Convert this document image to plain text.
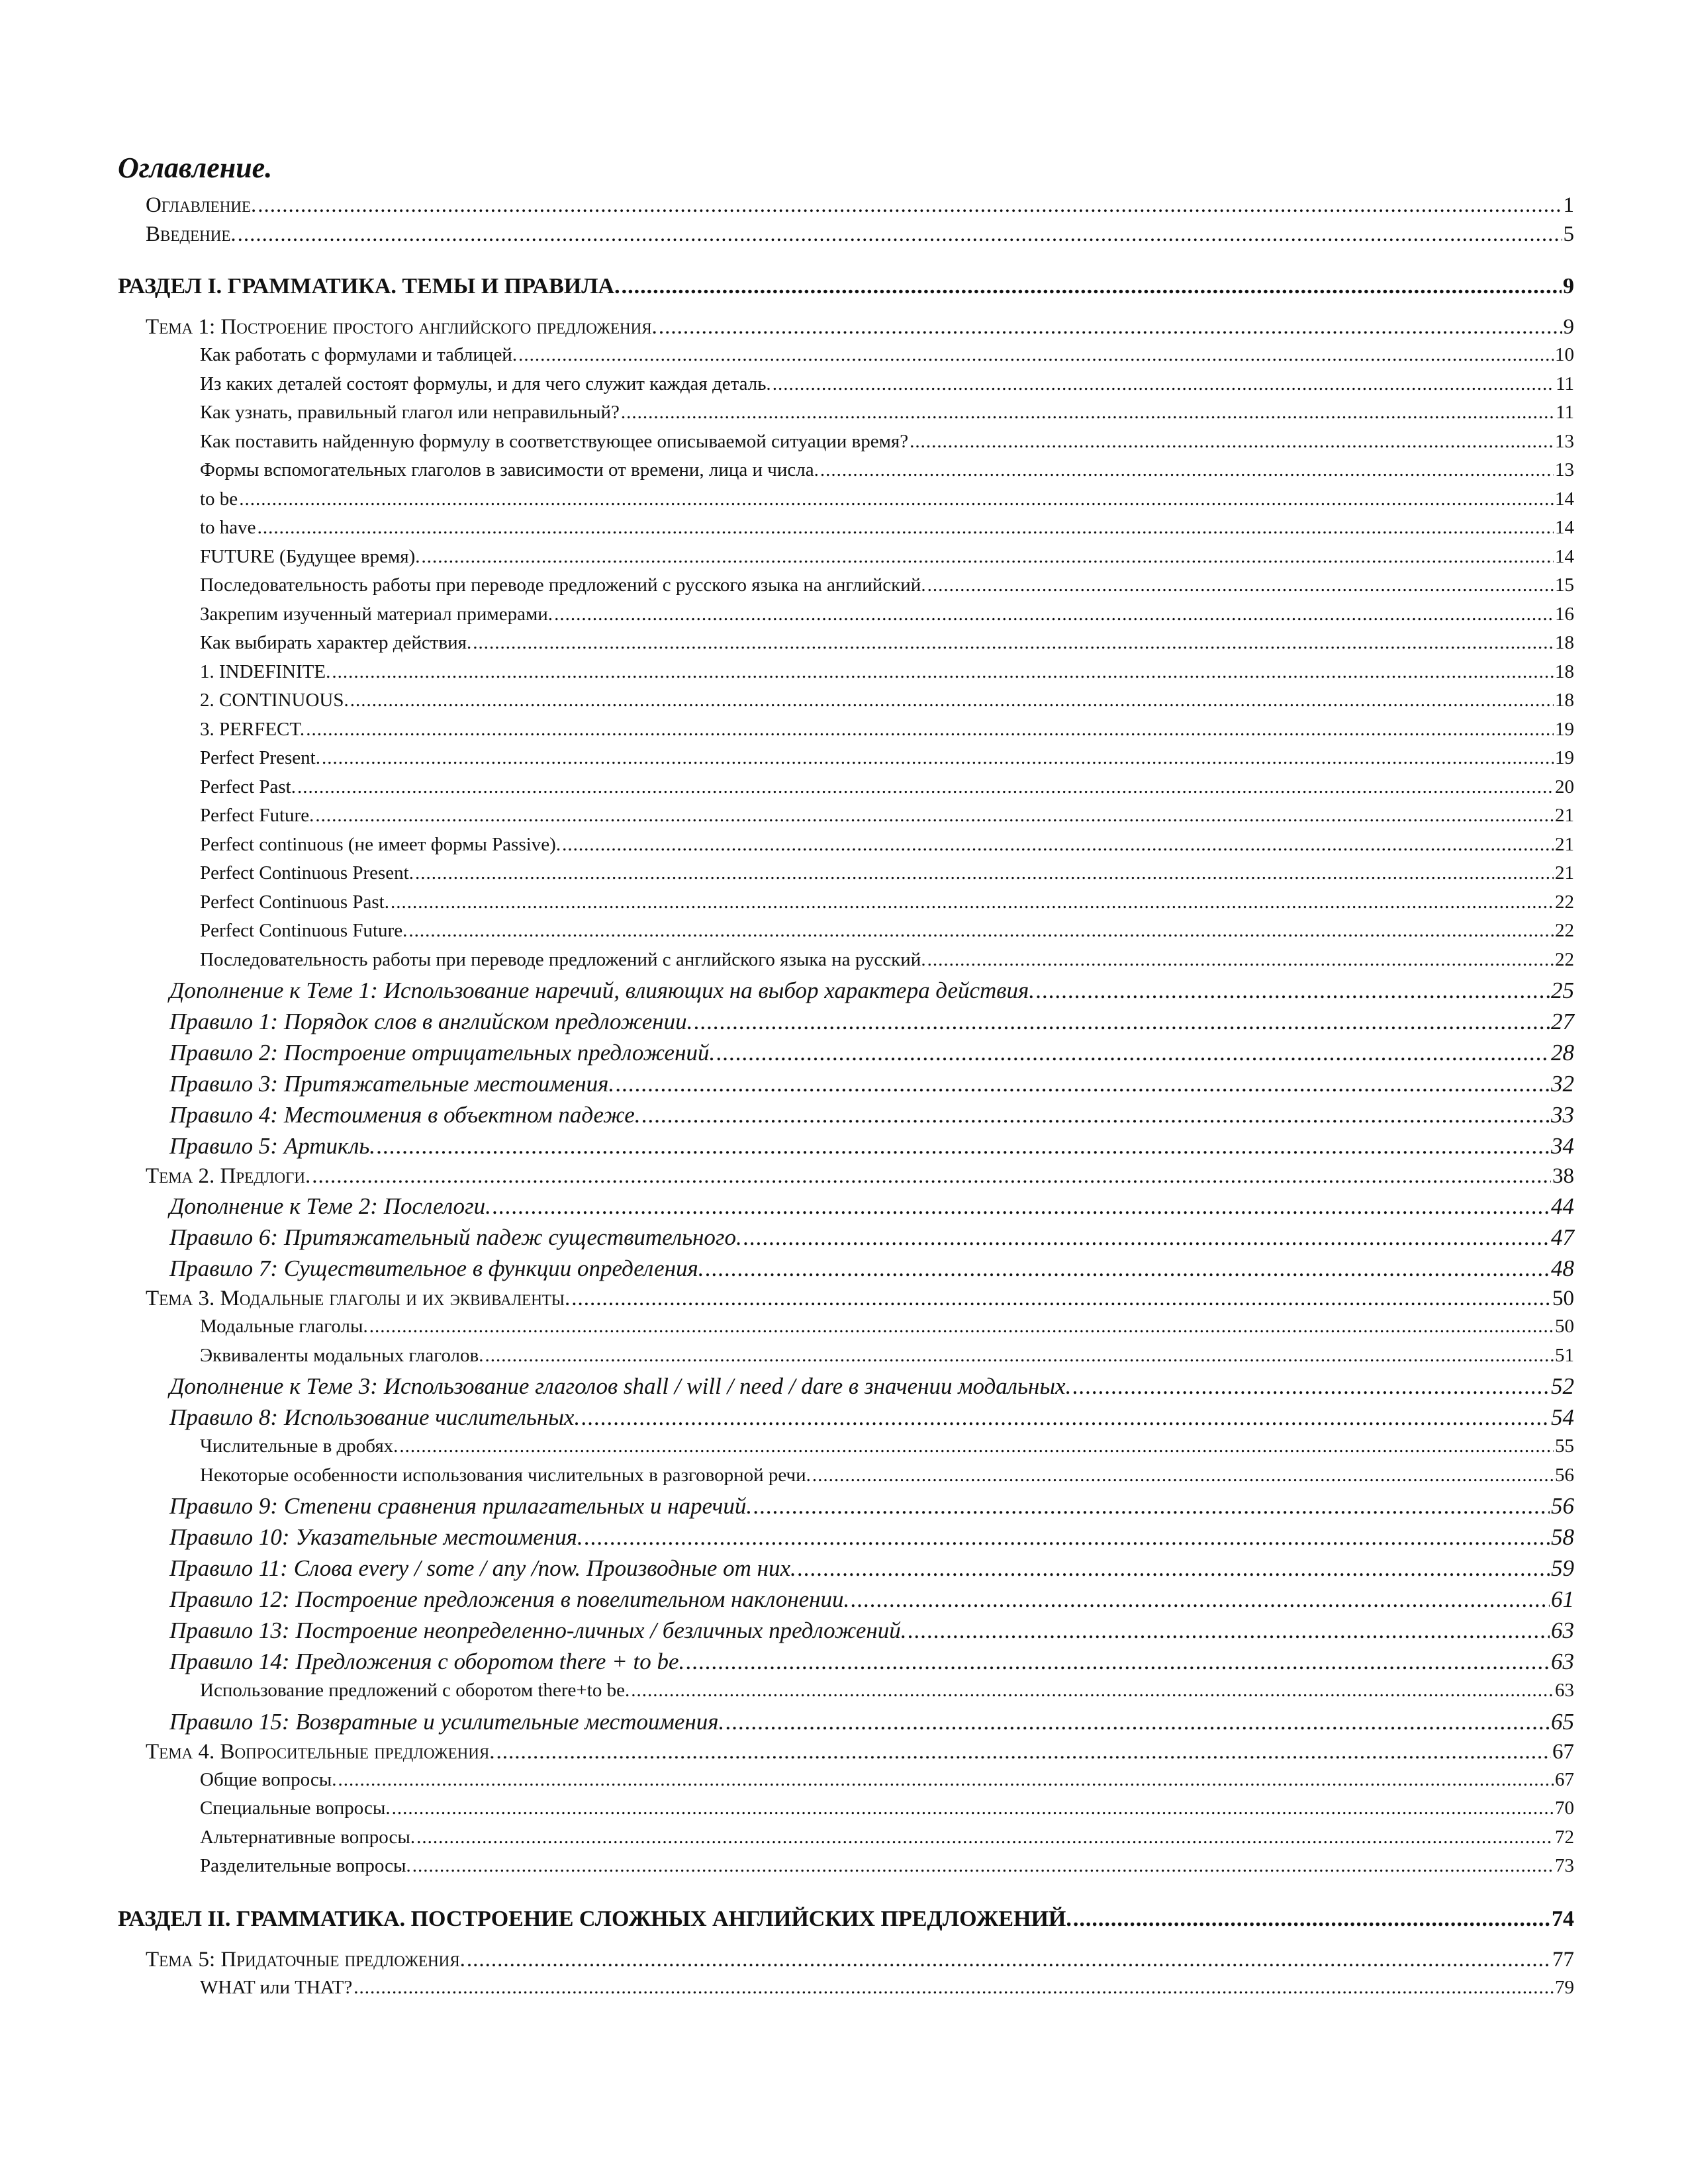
Оглавление.
Оглавление. .....	1
Введение. .....	5
РАЗДЕЛ I. ГРАММАТИКА. ТЕМЫ И ПРАВИЛА. .....	9
Тема 1: Построение простого английского предложения. .....	9
Как работать с формулами и таблицей. .....	10
Из каких деталей состоят формулы, и для чего служит каждая деталь. .....	11
Как узнать, правильный глагол или неправильный? .....	11
Как поставить найденную формулу в соответствующее описываемой ситуации время? .....	13
Формы вспомогательных глаголов в зависимости от времени, лица и числа. .....	13
to be .....	14
to have .....	14
FUTURE (Будущее время). .....	14
Последовательность работы при переводе предложений с русского языка на английский. .....	15
Закрепим изученный материал примерами. .....	16
Как выбирать характер действия. .....	18
1. INDEFINITE. .....	18
2. CONTINUOUS. .....	18
3. PERFECT. .....	19
Perfect Present. .....	19
Perfect Past. .....	20
Perfect Future. .....	21
Perfect continuous (не имеет формы Passive). .....	21
Perfect Continuous Present. .....	21
Perfect Continuous Past. .....	22
Perfect Continuous Future. .....	22
Последовательность работы при переводе предложений с английского языка на русский. .....	22
Дополнение к Теме 1: Использование наречий, влияющих на выбор характера действия. .....	25
Правило 1: Порядок слов в английском предложении. .....	27
Правило 2: Построение отрицательных предложений. .....	28
Правило 3: Притяжательные местоимения. .....	32
Правило 4: Местоимения в объектном падеже. .....	33
Правило 5: Артикль. .....	34
Тема 2. Предлоги. .....	38
Дополнение к Теме 2: Послелоги. .....	44
Правило 6: Притяжательный падеж существительного. .....	47
Правило 7: Существительное в функции определения. .....	48
Тема 3. Модальные глаголы и их эквиваленты. .....	50
Модальные глаголы. .....	50
Эквиваленты модальных глаголов. .....	51
Дополнение к Теме 3: Использование глаголов shall / will / need / dare в значении модальных. .....	52
Правило 8: Использование числительных. .....	54
Числительные в дробях. .....	55
Некоторые особенности использования числительных в разговорной речи. .....	56
Правило 9: Степени сравнения прилагательных и наречий. .....	56
Правило 10: Указательные местоимения. .....	58
Правило 11: Слова every / some / any /now. Производные от них. .....	59
Правило 12: Построение предложения в повелительном наклонении. .....	61
Правило 13: Построение неопределенно-личных / безличных предложений. .....	63
Правило 14: Предложения с оборотом there + to be. .....	63
Использование предложений с оборотом there+to be. .....	63
Правило 15: Возвратные и усилительные местоимения. .....	65
Тема 4. Вопросительные предложения. .....	67
Общие вопросы. .....	67
Специальные вопросы. .....	70
Альтернативные вопросы. .....	72
Разделительные вопросы. .....	73
РАЗДЕЛ II. ГРАММАТИКА. ПОСТРОЕНИЕ СЛОЖНЫХ АНГЛИЙСКИХ ПРЕДЛОЖЕНИЙ. .....	74
Тема 5: Придаточные предложения. .....	77
WHAT или THAT? .....	79
